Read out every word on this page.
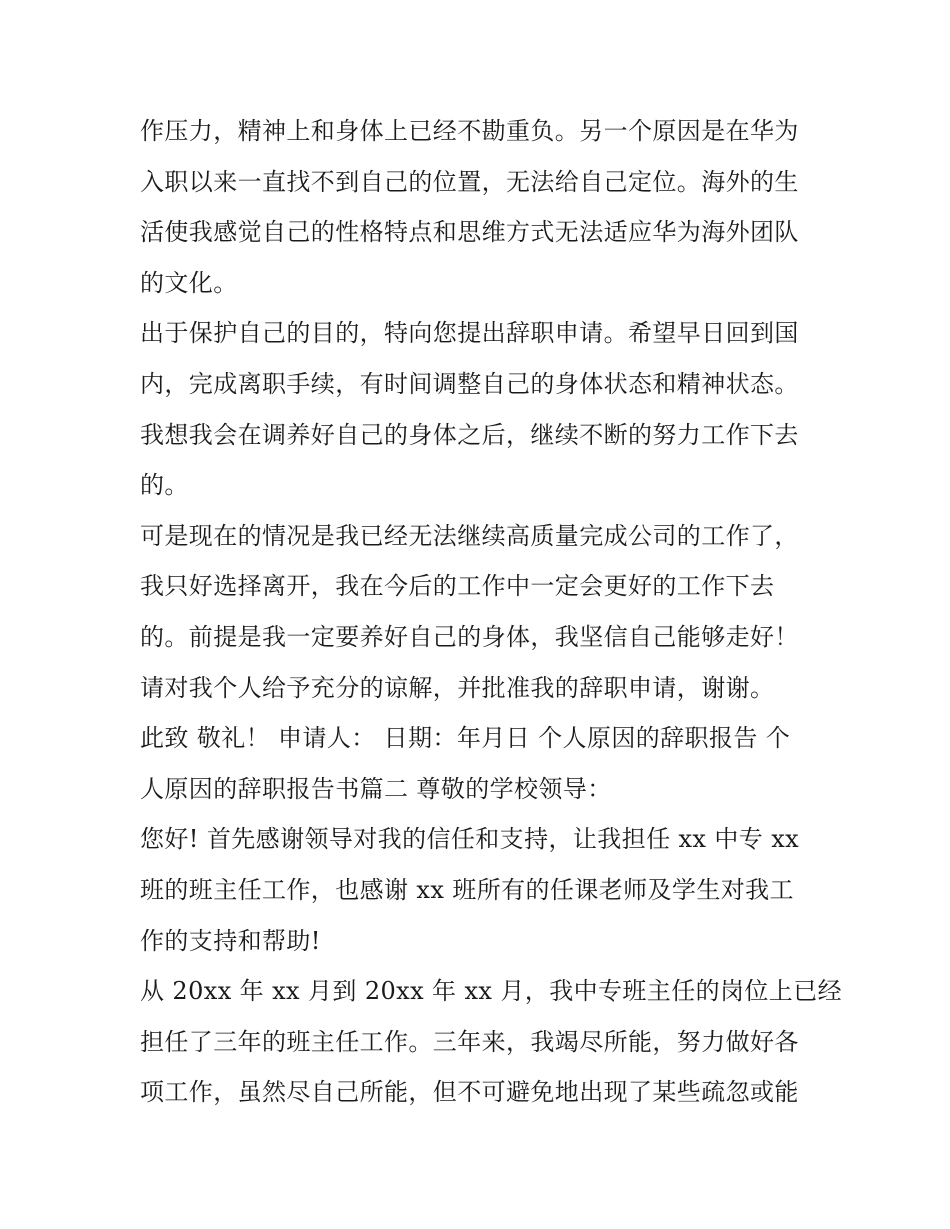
作压力，精神上和身体上已经不勘重负。另一个原因是在华为
入职以来一直找不到自己的位置，无法给自己定位。海外的生
活使我感觉自己的性格特点和思维方式无法适应华为海外团队
的文化。
出于保护自己的目的，特向您提出辞职申请。希望早日回到国
内，完成离职手续，有时间调整自己的身体状态和精神状态。
我想我会在调养好自己的身体之后，继续不断的努力工作下去
的。
可是现在的情况是我已经无法继续高质量完成公司的工作了，
我只好选择离开，我在今后的工作中一定会更好的工作下去
的。前提是我一定要养好自己的身体，我坚信自己能够走好！
请对我个人给予充分的谅解，并批准我的辞职申请，谢谢。
此致 敬礼！ 申请人： 日期：年月日 个人原因的辞职报告 个
人原因的辞职报告书篇二 尊敬的学校领导：
您好! 首先感谢领导对我的信任和支持，让我担任 xx 中专 xx
班的班主任工作，也感谢 xx 班所有的任课老师及学生对我工
作的支持和帮助!
从 20xx 年 xx 月到 20xx 年 xx 月，我中专班主任的岗位上已经
担任了三年的班主任工作。三年来，我竭尽所能，努力做好各
项工作，虽然尽自己所能，但不可避免地出现了某些疏忽或能
